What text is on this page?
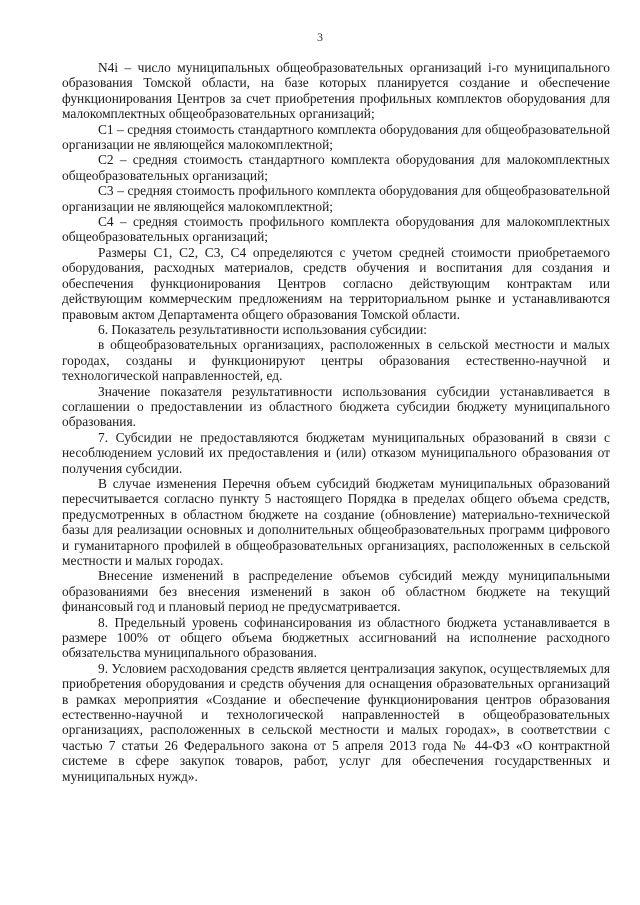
3

N4i – число муниципальных общеобразовательных организаций i-го муниципального образования Томской области, на базе которых планируется создание и обеспечение функционирования Центров за счет приобретения профильных комплектов оборудования для малокомплектных общеобразовательных организаций;

С1 – средняя стоимость стандартного комплекта оборудования для общеобразовательной организации не являющейся малокомплектной;

С2 – средняя стоимость стандартного комплекта оборудования для малокомплектных общеобразовательных организаций;

С3 – средняя стоимость профильного комплекта оборудования для общеобразовательной организации не являющейся малокомплектной;

С4 – средняя стоимость профильного комплекта оборудования для малокомплектных общеобразовательных организаций;

Размеры С1, С2, С3, С4 определяются с учетом средней стоимости приобретаемого оборудования, расходных материалов, средств обучения и воспитания для создания и обеспечения функционирования Центров согласно действующим контрактам или действующим коммерческим предложениям на территориальном рынке и устанавливаются правовым актом Департамента общего образования Томской области.

6. Показатель результативности использования субсидии:

в общеобразовательных организациях, расположенных в сельской местности и малых городах, созданы и функционируют центры образования естественно-научной и технологической направленностей, ед.

Значение показателя результативности использования субсидии устанавливается в соглашении о предоставлении из областного бюджета субсидии бюджету муниципального образования.

7. Субсидии не предоставляются бюджетам муниципальных образований в связи с несоблюдением условий их предоставления и (или) отказом муниципального образования от получения субсидии.

В случае изменения Перечня объем субсидий бюджетам муниципальных образований пересчитывается согласно пункту 5 настоящего Порядка в пределах общего объема средств, предусмотренных в областном бюджете на создание (обновление) материально-технической базы для реализации основных и дополнительных общеобразовательных программ цифрового и гуманитарного профилей в общеобразовательных организациях, расположенных в сельской местности и малых городах.

Внесение изменений в распределение объемов субсидий между муниципальными образованиями без внесения изменений в закон об областном бюджете на текущий финансовый год и плановый период не предусматривается.

8. Предельный уровень софинансирования из областного бюджета устанавливается в размере 100% от общего объема бюджетных ассигнований на исполнение расходного обязательства муниципального образования.

9. Условием расходования средств является централизация закупок, осуществляемых для приобретения оборудования и средств обучения для оснащения образовательных организаций в рамках мероприятия «Создание и обеспечение функционирования центров образования естественно-научной и технологической направленностей в общеобразовательных организациях, расположенных в сельской местности и малых городах», в соответствии с частью 7 статьи 26 Федерального закона от 5 апреля 2013 года № 44-ФЗ «О контрактной системе в сфере закупок товаров, работ, услуг для обеспечения государственных и муниципальных нужд».
